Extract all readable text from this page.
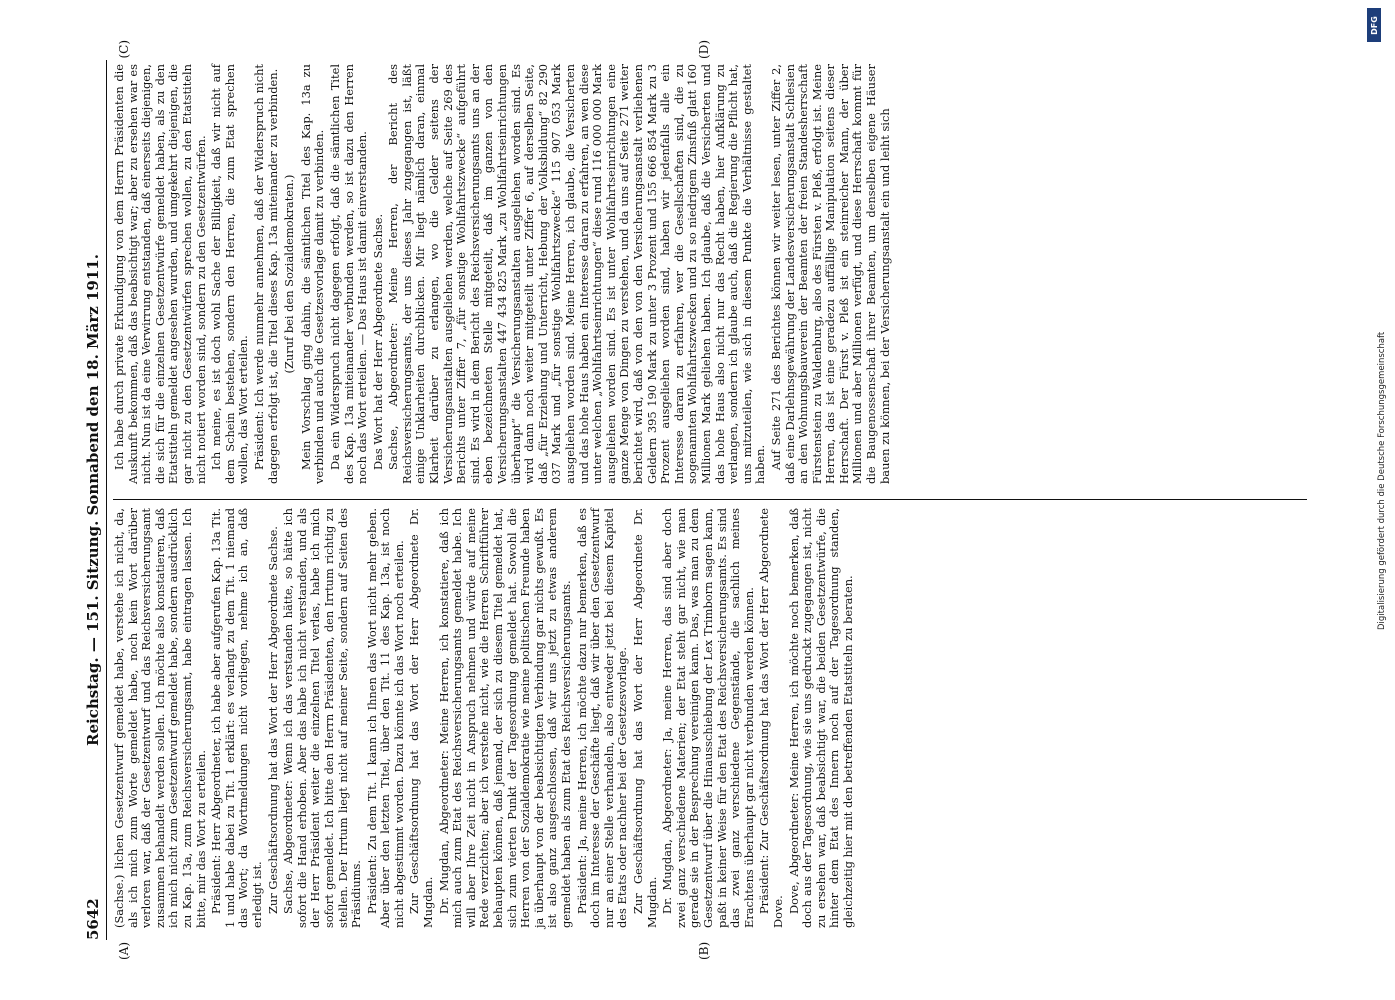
5642
Reichstag. — 151. Sitzung. Sonnabend den 18. März 1911.
(A)	(B)
(C)	(D)

(Sachse.) lichen Gesetzentwurf gemeldet habe, verstehe ich nicht, da, als ich mich zum Worte gemeldet habe, noch kein Wort darüber verloren war, daß der Gesetzentwurf und das Reichsversicherungsamt zusammen behandelt werden sollen. Ich möchte also konstatieren, daß ich mich nicht zum Gesetzentwurf gemeldet habe, sondern ausdrücklich zu Kap. 13a, zum Reichsversicherungsamt, habe eintragen lassen. Ich bitte, mir das Wort zu erteilen. Präsident: Herr Abgeordneter, ich habe aber aufgerufen Kap. 13a Tit. 1 und habe dabei zu Tit. 1 erklärt: es verlangt zu dem Tit. 1 niemand das Wort; da Wortmeldungen nicht vorliegen, nehme ich an, daß erledigt ist. Zur Geschäftsordnung hat das Wort der Herr Abgeordnete Sachse. Sachse, Abgeordneter: Wenn ich das verstanden hätte, so hätte ich sofort die Hand erhoben. Aber das habe ich nicht verstanden, und als der Herr Präsident weiter die einzelnen Titel verlas, habe ich mich sofort gemeldet. Ich bitte den Herrn Präsidenten, den Irrtum richtig zu stellen. Der Irrtum liegt nicht auf meiner Seite, sondern auf Seiten des Präsidiums. Präsident: Zu dem Tit. 1 kann ich Ihnen das Wort nicht mehr geben. Aber über den letzten Titel, über den Tit. 11 des Kap. 13a, ist noch nicht abgestimmt worden. Dazu könnte ich das Wort noch erteilen. Zur Geschäftsordnung hat das Wort der Herr Abgeordnete Dr. Mugdan. Dr. Mugdan, Abgeordneter: Meine Herren, ich konstatiere, daß ich mich auch zum Etat des Reichsversicherungsamts gemeldet habe. Ich will aber Ihre Zeit nicht in Anspruch nehmen und würde auf meine Rede verzichten; aber ich verstehe nicht, wie die Herren Schriftführer behaupten können, daß jemand, der sich zu diesem Titel gemeldet hat, sich zum vierten Punkt der Tagesordnung gemeldet hat. Sowohl die Herren von der Sozialdemokratie wie meine politischen Freunde haben ja überhaupt von der beabsichtigten Verbindung gar nichts gewußt. Es ist also ganz ausgeschlossen, daß wir uns jetzt zu etwas anderem gemeldet haben als zum Etat des Reichsversicherungsamts. Präsident: Ja, meine Herren, ich möchte dazu nur bemerken, daß es doch im Interesse der Geschäfte liegt, daß wir über den Gesetzentwurf nur an einer Stelle verhandeln, also entweder jetzt bei diesem Kapitel des Etats oder nachher bei der Gesetzesvorlage. Zur Geschäftsordnung hat das Wort der Herr Abgeordnete Dr. Mugdan. Dr. Mugdan, Abgeordneter: Ja, meine Herren, das sind aber doch zwei ganz verschiedene Materien; der Etat steht gar nicht, wie man gerade sie in der Besprechung vereinigen kann. Das, was man zu dem Gesetzentwurf über die Hinausschiebung der Lex Trimborn sagen kann, paßt in keiner Weise für den Etat des Reichsversicherungsamts. Es sind das zwei ganz verschiedene Gegenstände, die sachlich meines Erachtens überhaupt gar nicht verbunden werden können. Präsident: Zur Geschäftsordnung hat das Wort der Herr Abgeordnete Dove. Dove, Abgeordneter: Meine Herren, ich möchte noch bemerken, daß doch aus der Tagesordnung, wie sie uns gedruckt zugegangen ist, nicht zu ersehen war, daß beabsichtigt war, die beiden Gesetzentwürfe, die hinter dem Etat des Innern noch auf der Tagesordnung standen, gleichzeitig hier mit den betreffenden Etatstiteln zu beraten.

Ich habe durch private Erkundigung von dem Herrn Präsidenten die Auskunft bekommen, daß das beabsichtigt war; aber zu ersehen war es nicht. Nun ist da eine Verwirrung entstanden, daß einerseits diejenigen, die sich für die einzelnen Gesetzentwürfe gemeldet haben, als zu den Etatstiteln gemeldet angesehen wurden, und umgekehrt diejenigen, die gar nicht zu den Gesetzentwürfen sprechen wollen, zu den Etatstiteln nicht notiert worden sind, sondern zu den Gesetzentwürfen. Ich meine, es ist doch wohl Sache der Billigkeit, daß wir nicht auf dem Schein bestehen, sondern den Herren, die zum Etat sprechen wollen, das Wort erteilen. Präsident: Ich werde nunmehr annehmen, daß der Widerspruch nicht dagegen erfolgt ist, die Titel dieses Kap. 13a miteinander zu verbinden. (Zuruf bei den Sozialdemokraten.) Mein Vorschlag ging dahin, die sämtlichen Titel des Kap. 13a zu verbinden und auch die Gesetzesvorlage damit zu verbinden. Da ein Widerspruch nicht dagegen erfolgt, daß die sämtlichen Titel des Kap. 13a miteinander verbunden werden, so ist dazu den Herren noch das Wort erteilen. — Das Haus ist damit einverstanden. Das Wort hat der Herr Abgeordnete Sachse. Sachse, Abgeordneter: Meine Herren, der Bericht des Reichsversicherungsamts, der uns dieses Jahr zugegangen ist, läßt einige Unklarheiten durchblicken. Mir liegt nämlich daran, einmal Klarheit darüber zu erlangen, wo die Gelder seitens der Versicherungsanstalten ausgeliehen werden, welche auf Seite 269 des Berichts unter Ziffer 7, „für sonstige Wohlfahrtszwecke“ aufgeführt sind. Es wird in dem Bericht des Reichsversicherungsamts uns an der eben bezeichneten Stelle mitgeteilt, daß im ganzen von den Versicherungsanstalten 447 434 825 Mark „zu Wohlfahrtseinrichtungen überhaupt“ die Versicherungsanstalten ausgeliehen worden sind. Es wird dann noch weiter mitgeteilt unter Ziffer 6, auf derselben Seite, daß „für Erziehung und Unterricht, Hebung der Volksbildung“ 82 290 037 Mark und „für sonstige Wohlfahrtszwecke“ 115 907 053 Mark ausgeliehen worden sind. Meine Herren, ich glaube, die Versicherten und das hohe Haus haben ein Interesse daran zu erfahren, an wen diese unter welchen „Wohlfahrtseinrichtungen“ diese rund 116 000 000 Mark ausgeliehen worden sind. Es ist unter Wohlfahrtseinrichtungen eine ganze Menge von Dingen zu verstehen, und da uns auf Seite 271 weiter berichtet wird, daß von den von den Versicherungsanstalt verliehenen Geldern 395 190 Mark zu unter 3 Prozent und 155 666 854 Mark zu 3 Prozent ausgeliehen worden sind, haben wir jedenfalls alle ein Interesse daran zu erfahren, wer die Gesellschaften sind, die zu sogenannten Wohlfahrtszwecken und zu so niedrigem Zinsfuß glatt 160 Millionen Mark geliehen haben. Ich glaube, daß die Versicherten und das hohe Haus also nicht nur das Recht haben, hier Aufklärung zu verlangen, sondern ich glaube auch, daß die Regierung die Pflicht hat, uns mitzuteilen, wie sich in diesem Punkte die Verhältnisse gestaltet haben. Auf Seite 271 des Berichtes können wir weiter lesen, unter Ziffer 2, daß eine Darlehnsgewährung der Landesversicherungsanstalt Schlesien an den Wohnungsbauverein der Beamten der freien Standesherrschaft Fürstenstein zu Waldenburg, also des Fürsten v. Pleß, erfolgt ist. Meine Herren, das ist eine geradezu auffällige Manipulation seitens dieser Herrschaft. Der Fürst v. Pleß ist ein steinreicher Mann, der über Millionen und aber Millionen verfügt, und diese Herrschaft kommt für die Baugenossenschaft ihrer Beamten, um denselben eigene Häuser bauen zu können, bei der Versicherungsanstalt ein und leiht sich

DFG
Digitalisierung gefördert durch die Deutsche Forschungsgemeinschaft
